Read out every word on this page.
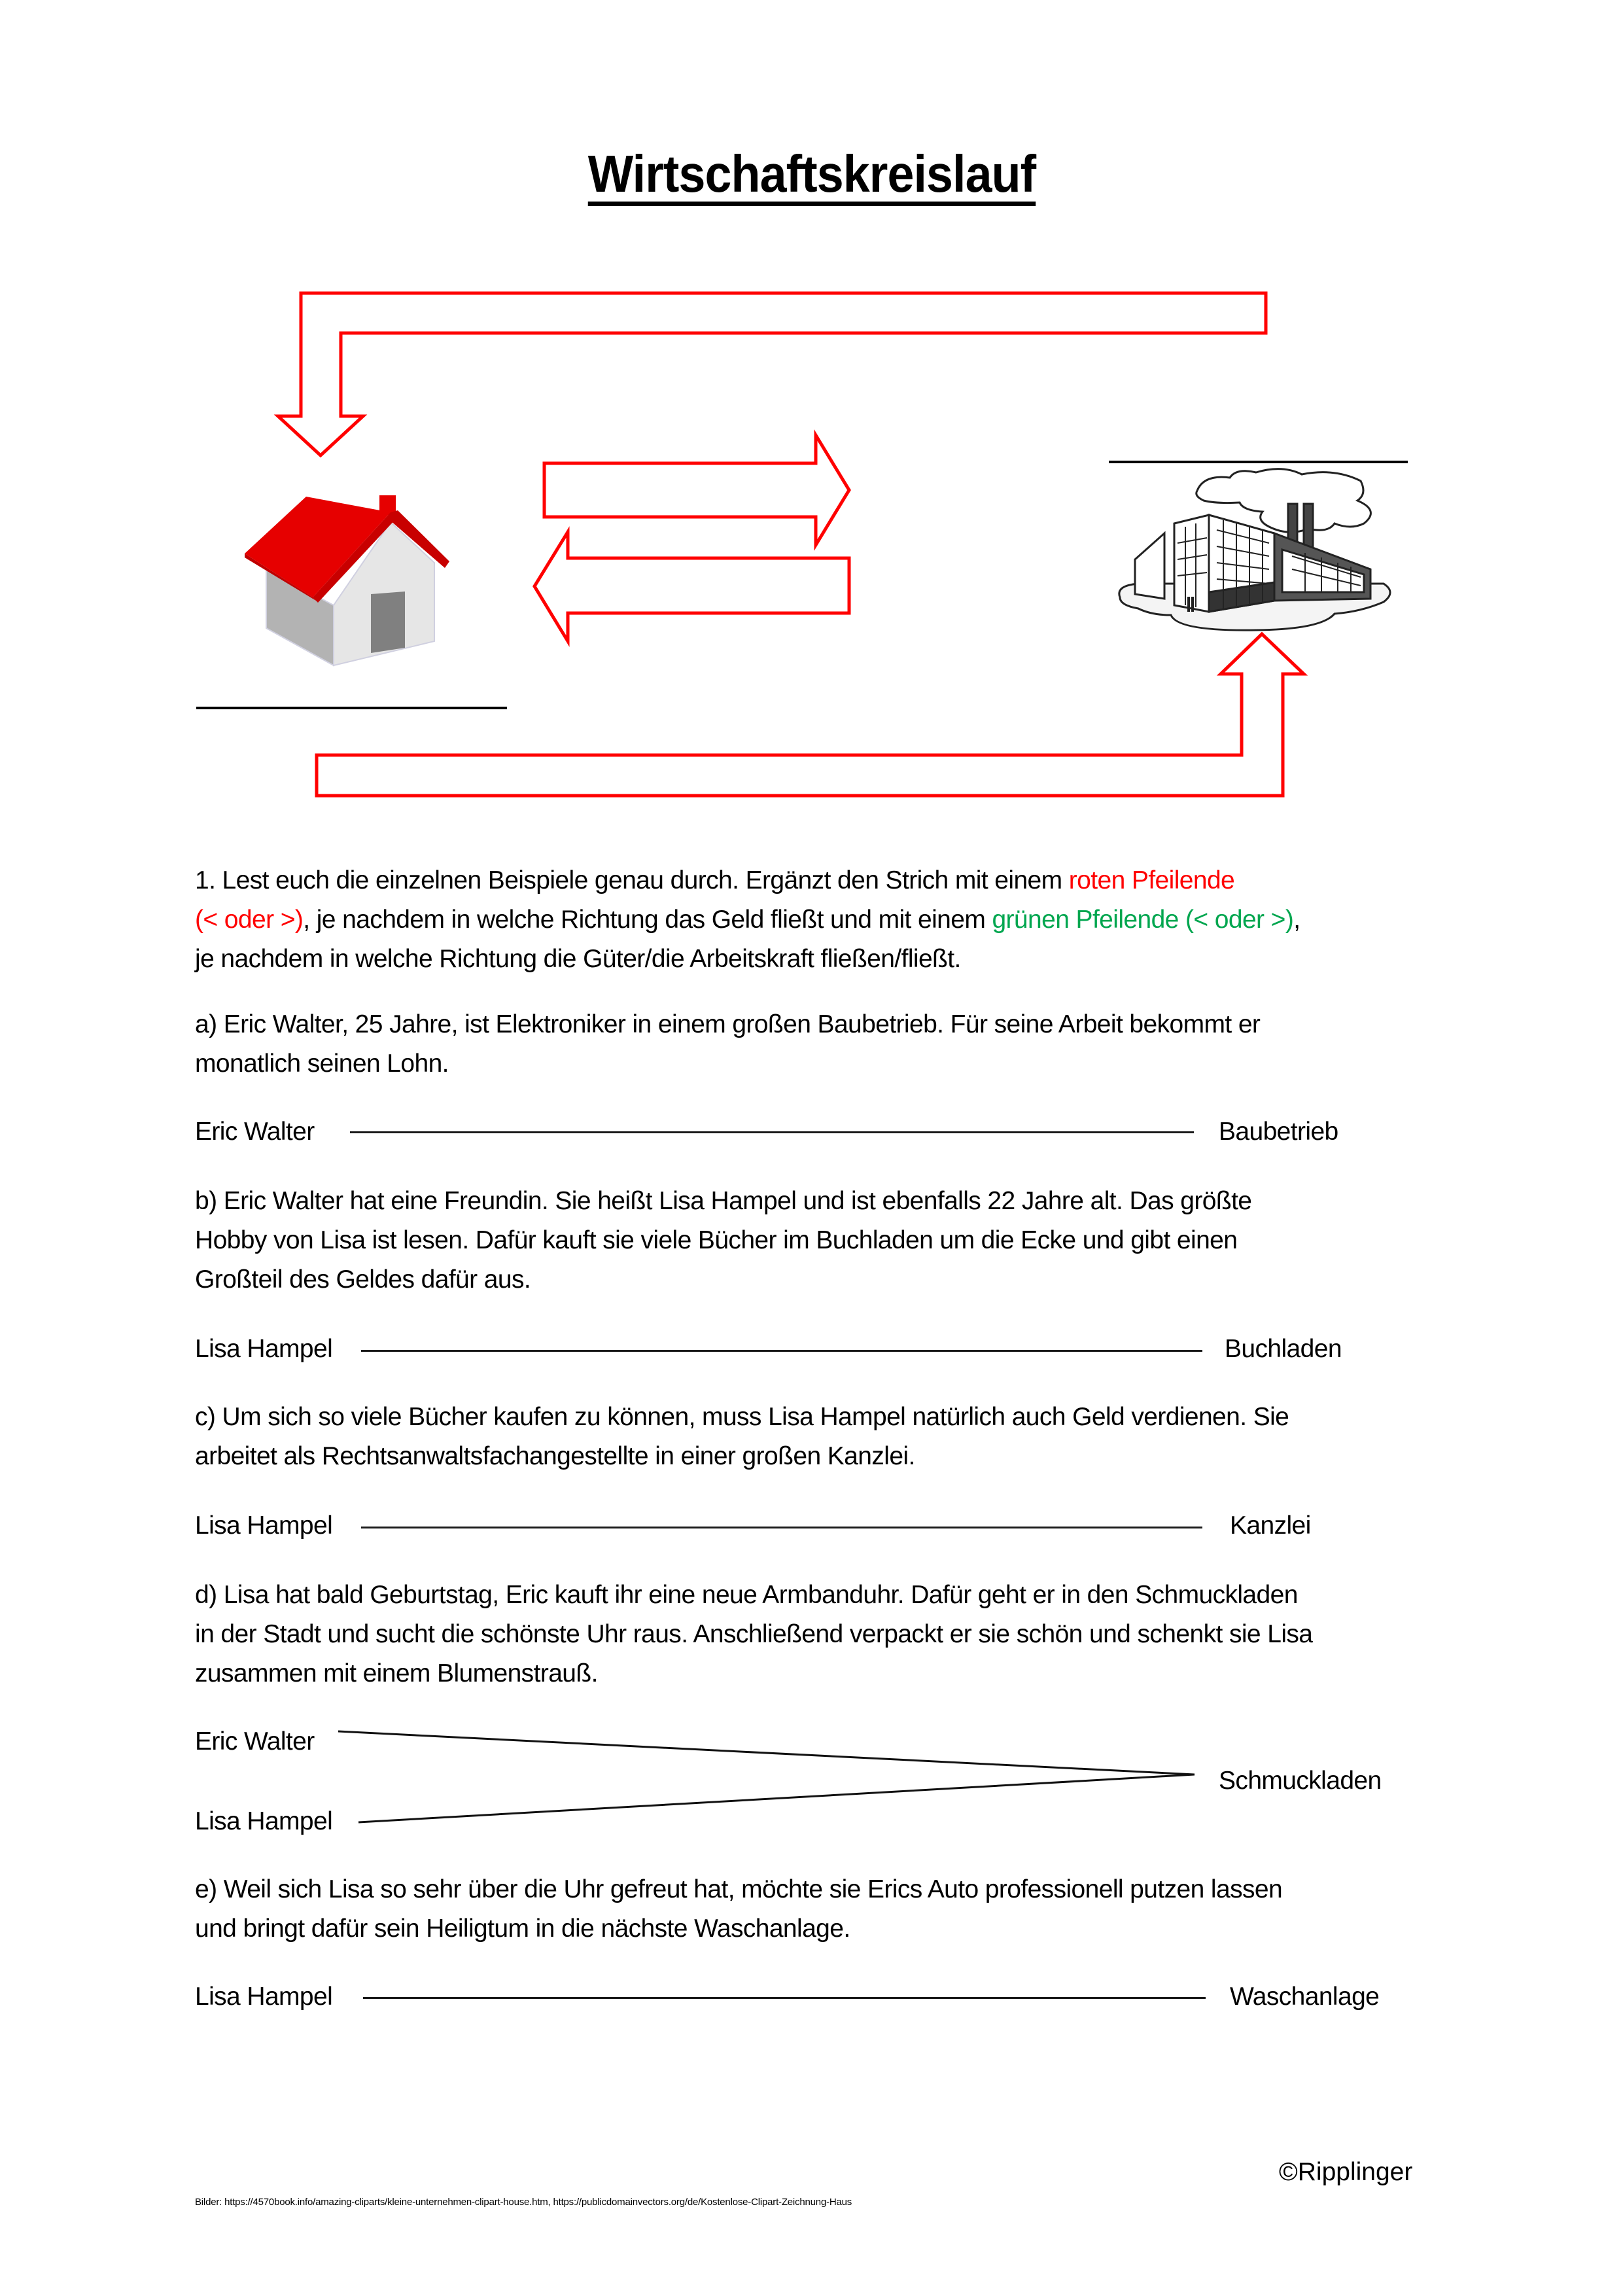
Wirtschaftskreislauf
1. Lest euch die einzelnen Beispiele genau durch. Ergänzt den Strich mit einem roten Pfeilende
(< oder >), je nachdem in welche Richtung das Geld fließt und mit einem grünen Pfeilende (< oder >),
je nachdem in welche Richtung die Güter/die Arbeitskraft fließen/fließt.
a) Eric Walter, 25 Jahre, ist Elektroniker in einem großen Baubetrieb. Für seine Arbeit bekommt er
monatlich seinen Lohn.
Eric Walter	Baubetrieb
b) Eric Walter hat eine Freundin. Sie heißt Lisa Hampel und ist ebenfalls 22 Jahre alt. Das größte
Hobby von Lisa ist lesen. Dafür kauft sie viele Bücher im Buchladen um die Ecke und gibt einen
Großteil des Geldes dafür aus.
Lisa Hampel	Buchladen
c) Um sich so viele Bücher kaufen zu können, muss Lisa Hampel natürlich auch Geld verdienen. Sie
arbeitet als Rechtsanwaltsfachangestellte in einer großen Kanzlei.
Lisa Hampel	Kanzlei
d) Lisa hat bald Geburtstag, Eric kauft ihr eine neue Armbanduhr. Dafür geht er in den Schmuckladen
in der Stadt und sucht die schönste Uhr raus. Anschließend verpackt er sie schön und schenkt sie Lisa
zusammen mit einem Blumenstrauß.
Eric Walter
Lisa Hampel
Schmuckladen
e) Weil sich Lisa so sehr über die Uhr gefreut hat, möchte sie Erics Auto professionell putzen lassen
und bringt dafür sein Heiligtum in die nächste Waschanlage.
Lisa Hampel	Waschanlage
©Ripplinger
Bilder: https://4570book.info/amazing-cliparts/kleine-unternehmen-clipart-house.htm, https://publicdomainvectors.org/de/Kostenlose-Clipart-Zeichnung-Haus
